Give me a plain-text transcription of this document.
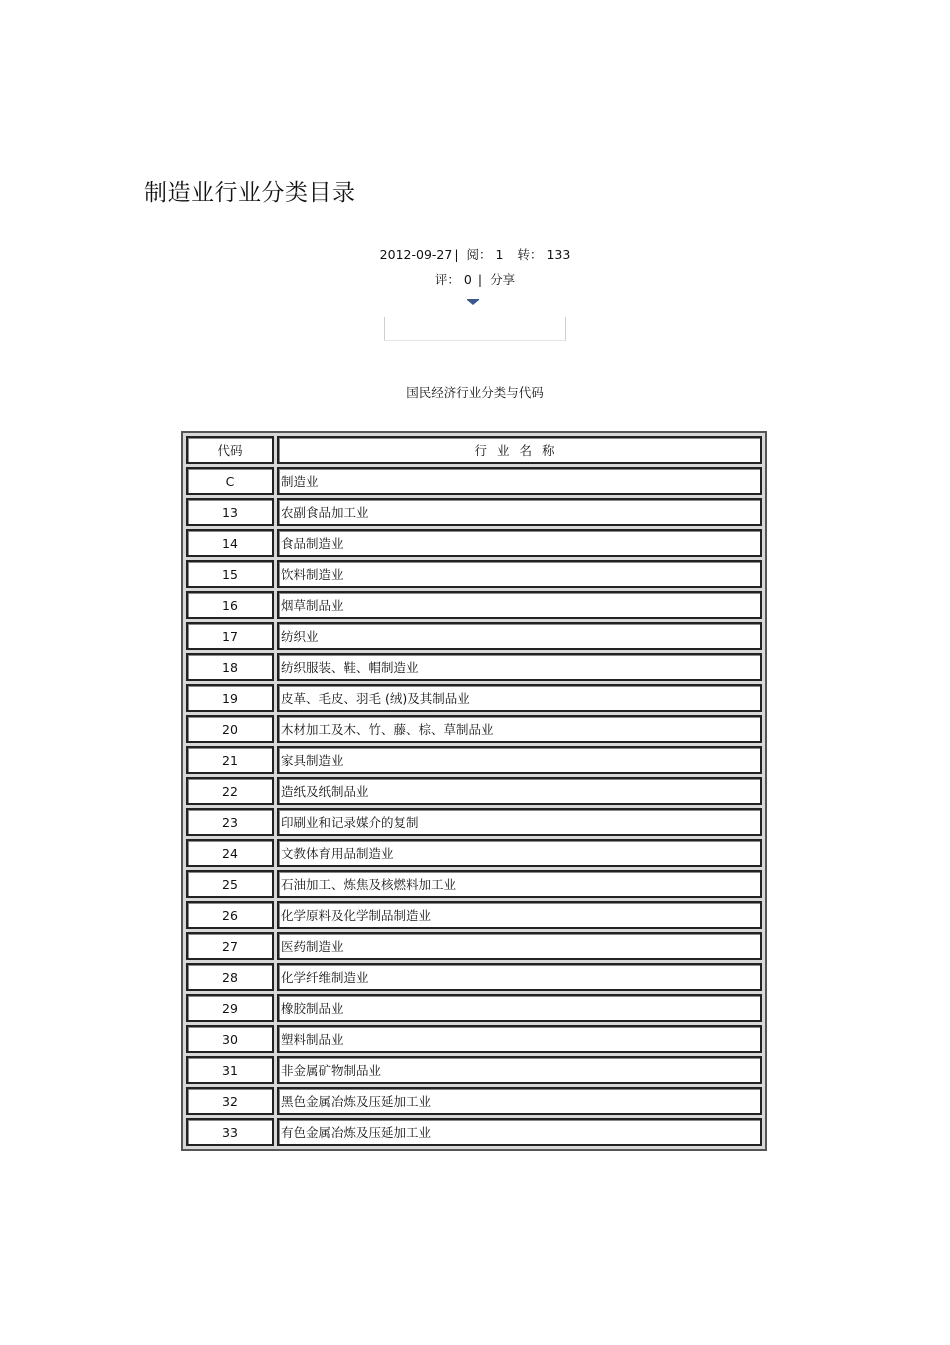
制造业行业分类目录
2012-09-27 | 阅： 1 转： 133
评： 0 | 分享
国民经济行业分类与代码
代码	行业名称
C	制造业
13	农副食品加工业
14	食品制造业
15	饮料制造业
16	烟草制品业
17	纺织业
18	纺织服装、鞋、帽制造业
19	皮革、毛皮、羽毛 (绒)及其制品业
20	木材加工及木、竹、藤、棕、草制品业
21	家具制造业
22	造纸及纸制品业
23	印刷业和记录媒介的复制
24	文教体育用品制造业
25	石油加工、炼焦及核燃料加工业
26	化学原料及化学制品制造业
27	医药制造业
28	化学纤维制造业
29	橡胶制品业
30	塑料制品业
31	非金属矿物制品业
32	黑色金属冶炼及压延加工业
33	有色金属冶炼及压延加工业
